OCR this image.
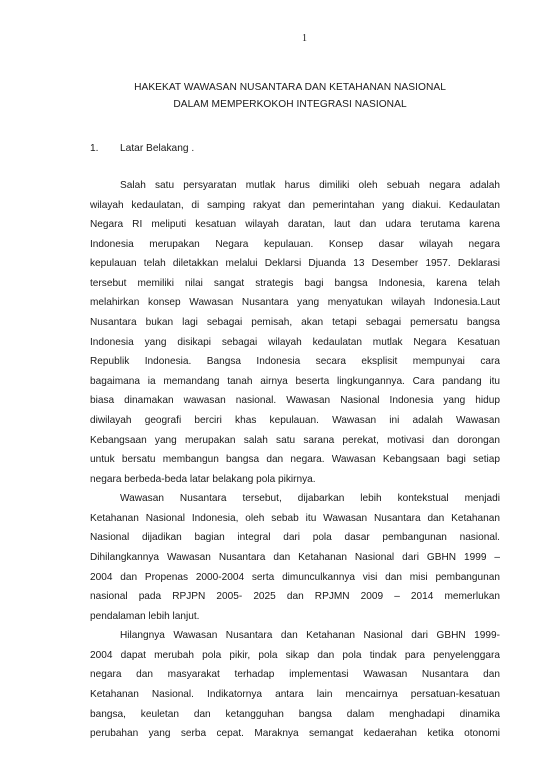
1
HAKEKAT WAWASAN NUSANTARA DAN KETAHANAN NASIONAL
DALAM MEMPERKOKOH INTEGRASI NASIONAL
1. Latar Belakang .
Salah satu persyaratan mutlak harus dimiliki oleh sebuah negara adalah
wilayah kedaulatan, di samping rakyat dan pemerintahan yang diakui. Kedaulatan
Negara RI meliputi kesatuan wilayah daratan, laut dan udara terutama karena
Indonesia merupakan Negara kepulauan. Konsep dasar wilayah negara
kepulauan telah diletakkan melalui Deklarsi Djuanda 13 Desember 1957. Deklarasi
tersebut memiliki nilai sangat strategis bagi bangsa Indonesia, karena telah
melahirkan konsep Wawasan Nusantara yang menyatukan wilayah Indonesia.Laut
Nusantara bukan lagi sebagai pemisah, akan tetapi sebagai pemersatu bangsa
Indonesia yang disikapi sebagai wilayah kedaulatan mutlak Negara Kesatuan
Republik Indonesia. Bangsa Indonesia secara eksplisit mempunyai cara
bagaimana ia memandang tanah airnya beserta lingkungannya. Cara pandang itu
biasa dinamakan wawasan nasional. Wawasan Nasional Indonesia yang hidup
diwilayah geografi berciri khas kepulauan. Wawasan ini adalah Wawasan
Kebangsaan yang merupakan salah satu sarana perekat, motivasi dan dorongan
untuk bersatu membangun bangsa dan negara. Wawasan Kebangsaan bagi setiap
negara berbeda-beda latar belakang pola pikirnya.
Wawasan Nusantara tersebut, dijabarkan lebih kontekstual menjadi
Ketahanan Nasional Indonesia, oleh sebab itu Wawasan Nusantara dan Ketahanan
Nasional dijadikan bagian integral dari pola dasar pembangunan nasional.
Dihilangkannya Wawasan Nusantara dan Ketahanan Nasional dari GBHN 1999 –
2004 dan Propenas 2000-2004 serta dimunculkannya visi dan misi pembangunan
nasional pada RPJPN 2005- 2025 dan RPJMN 2009 – 2014 memerlukan
pendalaman lebih lanjut.
Hilangnya Wawasan Nusantara dan Ketahanan Nasional dari GBHN 1999-
2004 dapat merubah pola pikir, pola sikap dan pola tindak para penyelenggara
negara dan masyarakat terhadap implementasi Wawasan Nusantara dan
Ketahanan Nasional. Indikatornya antara lain mencairnya persatuan-kesatuan
bangsa, keuletan dan ketangguhan bangsa dalam menghadapi dinamika
perubahan yang serba cepat. Maraknya semangat kedaerahan ketika otonomi
